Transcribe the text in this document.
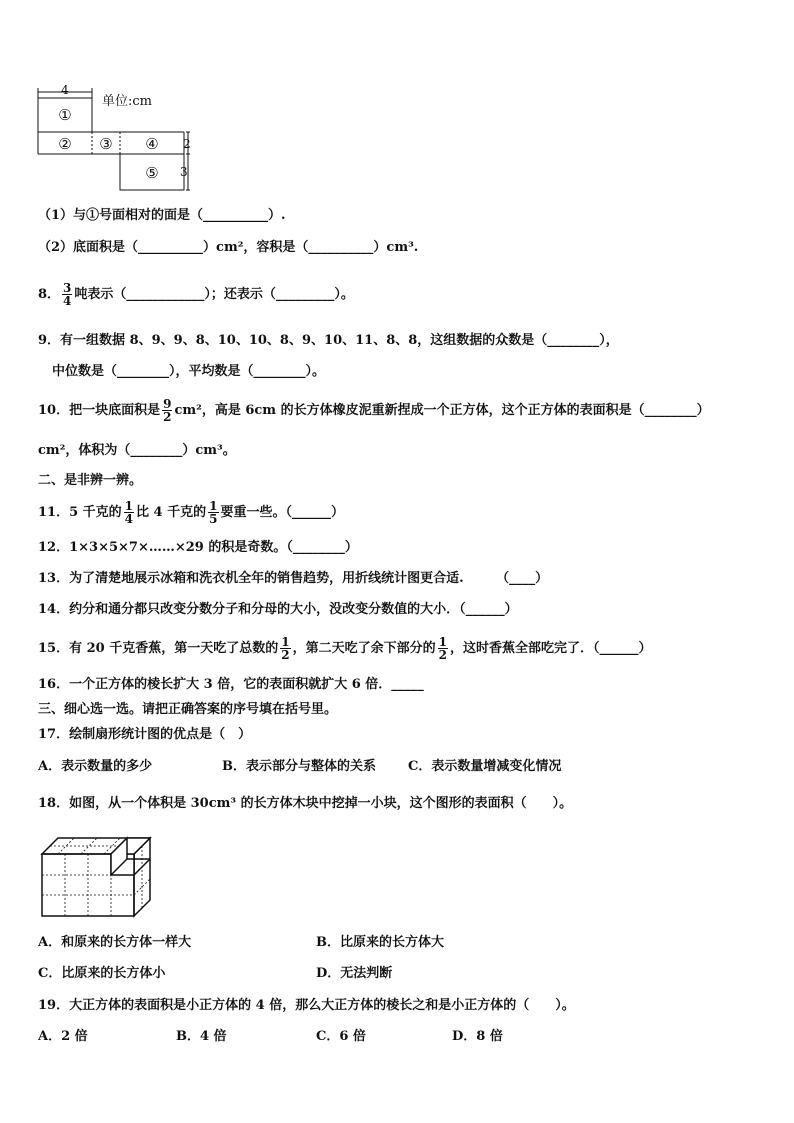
4
①
② ③ ④
⑤
2
3
单位:cm
（1）与①号面相对的面是（__________）.
（2）底面积是（__________）cm²，容积是（__________）cm³.
8． $\frac{3}{4}$ 吨表示（____________）；还表示（_________）。
9．有一组数据 8、9、9、8、10、10、8、9、10、11、8、8，这组数据的众数是（________），
中位数是（________），平均数是（________）。
10．把一块底面积是 $\frac{9}{2} cm^2$，高是 6cm 的长方体橡皮泥重新捏成一个正方体，这个正方体的表面积是（________）
cm²，体积为（________）cm³。
二、是非辨一辨。
11．5 千克的 $\frac{1}{4}$ 比 4 千克的 $\frac{1}{5}$ 要重一些。（______）
12．1×3×5×7×……×29 的积是奇数。（________）
13．为了清楚地展示冰箱和洗衣机全年的销售趋势，用折线统计图更合适.　　　（____）
14．约分和通分都只改变分数分子和分母的大小，没改变分数值的大小．（______）
15．有 20 千克香蕉，第一天吃了总数的 $\frac{1}{2}$ ，第二天吃了余下部分的 $\frac{1}{2}$ ，这时香蕉全部吃完了．（______）
16．一个正方体的棱长扩大 3 倍，它的表面积就扩大 6 倍．_____
三、细心选一选。请把正确答案的序号填在括号里。
17．绘制扇形统计图的优点是（　）
A．表示数量的多少	B．表示部分与整体的关系 C．表示数量增减变化情况
18．如图，从一个体积是 30cm³ 的长方体木块中挖掉一小块，这个图形的表面积（　　）。
A．和原来的长方体一样大	B．比原来的长方体大
C．比原来的长方体小	D．无法判断
19．大正方体的表面积是小正方体的 4 倍，那么大正方体的棱长之和是小正方体的（　　）。
A．2 倍	B．4 倍	C．6 倍	D．8 倍
